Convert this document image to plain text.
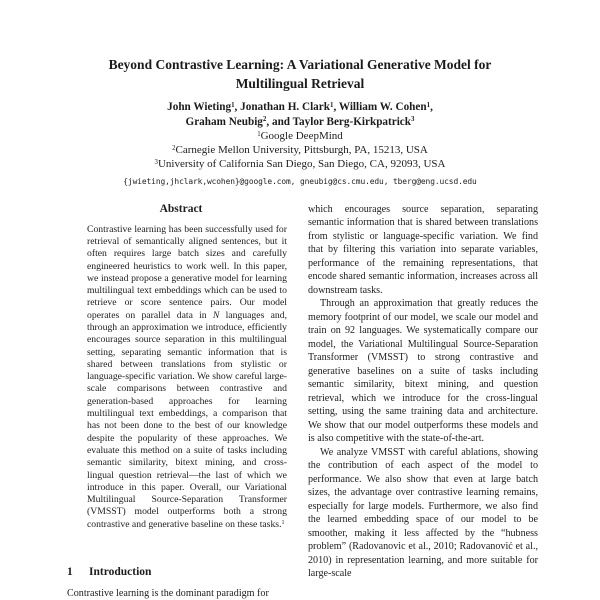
Beyond Contrastive Learning: A Variational Generative Model for
Multilingual Retrieval
John Wieting$^1$, Jonathan H. Clark$^1$, William W. Cohen$^1$,
Graham Neubig$^2$, and Taylor Berg-Kirkpatrick$^3$
$^1$Google DeepMind
$^2$Carnegie Mellon University, Pittsburgh, PA, 15213, USA
$^3$University of California San Diego, San Diego, CA, 92093, USA
{jwieting,jhclark,wcohen}@google.com, gneubig@cs.cmu.edu, tberg@eng.ucsd.edu
Abstract
Contrastive learning has been successfully used for retrieval of semantically aligned sentences, but it often requires large batch sizes and carefully engineered heuristics to work well. In this paper, we instead propose a generative model for learning multilingual text embeddings which can be used to retrieve or score sentence pairs. Our model operates on parallel data in N languages and, through an approximation we introduce, efficiently encourages source separation in this multilingual setting, separating semantic information that is shared between translations from stylistic or language-specific variation. We show careful large-scale comparisons between contrastive and generation-based approaches for learning multilingual text embeddings, a comparison that has not been done to the best of our knowledge despite the popularity of these approaches. We evaluate this method on a suite of tasks including semantic similarity, bitext mining, and cross-lingual question retrieval—the last of which we introduce in this paper. Overall, our Variational Multilingual Source-Separation Transformer (VMSST) model outperforms both a strong contrastive and generative baseline on these tasks.$^1$
1	Introduction
Contrastive learning is the dominant paradigm for

which encourages source separation, separating semantic information that is shared between translations from stylistic or language-specific variation. We find that by filtering this variation into separate variables, performance of the remaining representations, that encode shared semantic information, increases across all downstream tasks.

Through an approximation that greatly reduces the memory footprint of our model, we scale our model and train on 92 languages. We systematically compare our model, the Variational Multilingual Source-Separation Transformer (VMSST) to strong contrastive and generative baselines on a suite of tasks including semantic similarity, bitext mining, and question retrieval, which we introduce for the cross-lingual setting, using the same training data and architecture. We show that our model outperforms these models and is also competitive with the state-of-the-art.

We analyze VMSST with careful ablations, showing the contribution of each aspect of the model to performance. We also show that even at large batch sizes, the advantage over contrastive learning remains, especially for large models. Furthermore, we also find the learned embedding space of our model to be smoother, making it less affected by the “hubness problem” (Radovanovic et al., 2010; Radovanović et al., 2010) in representation learning, and more suitable for large-scale
